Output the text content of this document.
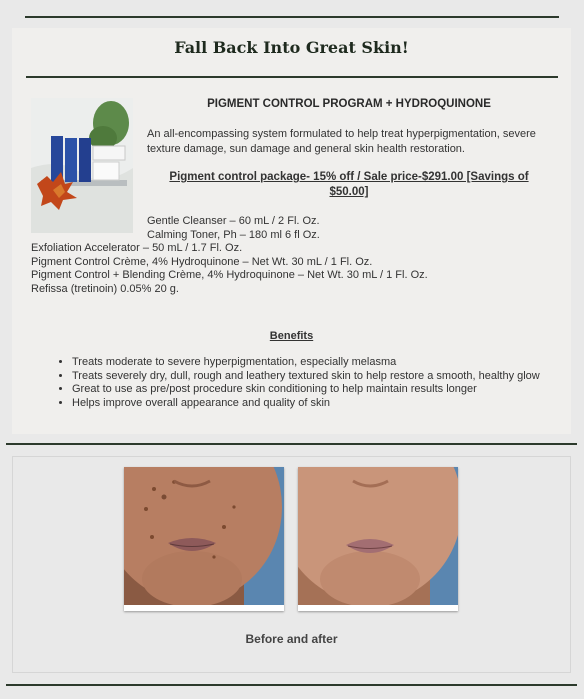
Fall Back Into Great Skin!
PIGMENT CONTROL PROGRAM + HYDROQUINONE
An all-encompassing system formulated to help treat hyperpigmentation, severe texture damage, sun damage and general skin health restoration.
Pigment control package- 15% off / Sale price-$291.00 [Savings of $50.00]
Gentle Cleanser – 60 mL / 2 Fl. Oz.
Calming Toner, Ph – 180 ml 6 fl Oz.
Exfoliation Accelerator – 50 mL / 1.7 Fl. Oz.
Pigment Control Crème, 4% Hydroquinone – Net Wt. 30 mL / 1 Fl. Oz.
Pigment Control + Blending Crème, 4% Hydroquinone – Net Wt. 30 mL / 1 Fl. Oz.
Refissa (tretinoin) 0.05% 20 g.
Benefits
• Treats moderate to severe hyperpigmentation, especially melasma
• Treats severely dry, dull, rough and leathery textured skin to help restore a smooth, healthy glow
• Great to use as pre/post procedure skin conditioning to help maintain results longer
• Helps improve overall appearance and quality of skin
Before and after
